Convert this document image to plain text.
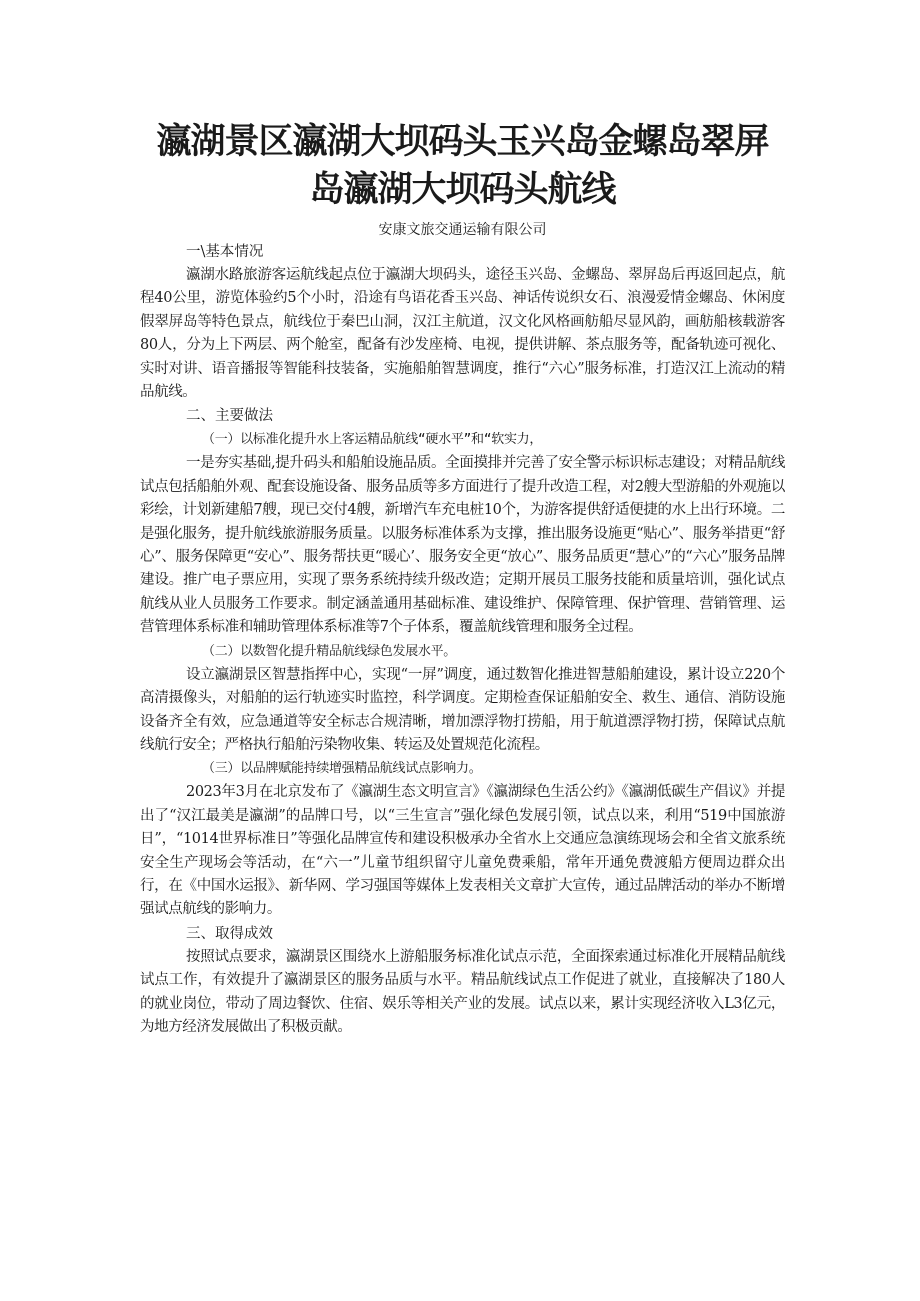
瀛湖景区瀛湖大坝码头玉兴岛金螺岛翠屏
岛瀛湖大坝码头航线
安康文旅交通运输有限公司

一\基本情况

瀛湖水路旅游客运航线起点位于瀛湖大坝码头，途径玉兴岛、金螺岛、翠屏岛后再返回起点，航程40公里，游览体验约5个小时，沿途有鸟语花香玉兴岛、神话传说织女石、浪漫爱情金螺岛、休闲度假翠屏岛等特色景点，航线位于秦巴山洞，汉江主航道，汉文化风格画舫船尽显风韵，画舫船核载游客80人，分为上下两层、两个舱室，配备有沙发座椅、电视，提供讲解、茶点服务等，配备轨迹可视化、实时对讲、语音播报等智能科技装备，实施船舶智慧调度，推行“六心”服务标准，打造汉江上流动的精品航线。

二、主要做法

（一）以标准化提升水上客运精品航线“硬水平”和“软实力，

一是夯实基础,提升码头和船舶设施品质。全面摸排并完善了安全警示标识标志建设；对精品航线试点包括船舶外观、配套设施设备、服务品质等多方面进行了提升改造工程，对2艘大型游船的外观施以彩绘，计划新建船7艘，现已交付4艘，新增汽车充电桩10个，为游客提供舒适便捷的水上出行环境。二是强化服务，提升航线旅游服务质量。以服务标准体系为支撑，推出服务设施更“贴心”、服务举措更“舒心”、服务保障更“安心”、服务帮扶更“暖心’、服务安全更“放心”、服务品质更“慧心”的“六心”服务品牌建设。推广电子票应用，实现了票务系统持续升级改造；定期开展员工服务技能和质量培训，强化试点航线从业人员服务工作要求。制定涵盖通用基础标准、建设维护、保障管理、保护管理、营销管理、运营管理体系标准和辅助管理体系标准等7个子体系，覆盖航线管理和服务全过程。

（二）以数智化提升精品航线绿色发展水平。

设立瀛湖景区智慧指挥中心，实现“一屏”调度，通过数智化推进智慧船舶建设，累计设立220个高清摄像头，对船舶的运行轨迹实时监控，科学调度。定期检查保证船舶安全、救生、通信、消防设施设备齐全有效，应急通道等安全标志合规清晰，增加漂浮物打捞船，用于航道漂浮物打捞，保障试点航线航行安全；严格执行船舶污染物收集、转运及处置规范化流程。

（三）以品牌赋能持续增强精品航线试点影响力。

2023年3月在北京发布了《瀛湖生态文明宣言》《瀛湖绿色生活公约》《瀛湖低碳生产倡议》并提出了“汉江最美是瀛湖”的品牌口号，以“三生宣言”强化绿色发展引领，试点以来，利用“519中国旅游日”，“1014世界标准日”等强化品牌宣传和建设积极承办全省水上交通应急演练现场会和全省文旅系统安全生产现场会等活动，在“六一”儿童节组织留守儿童免费乘船，常年开通免费渡船方便周边群众出行，在《中国水运报》、新华网、学习强国等媒体上发表相关文章扩大宣传，通过品牌活动的举办不断增强试点航线的影响力。

三、取得成效

按照试点要求，瀛湖景区围绕水上游船服务标准化试点示范，全面探索通过标准化开展精品航线试点工作，有效提升了瀛湖景区的服务品质与水平。精品航线试点工作促进了就业，直接解决了180人的就业岗位，带动了周边餐饮、住宿、娱乐等相关产业的发展。试点以来，累计实现经济收入L3亿元，为地方经济发展做出了积极贡献。
